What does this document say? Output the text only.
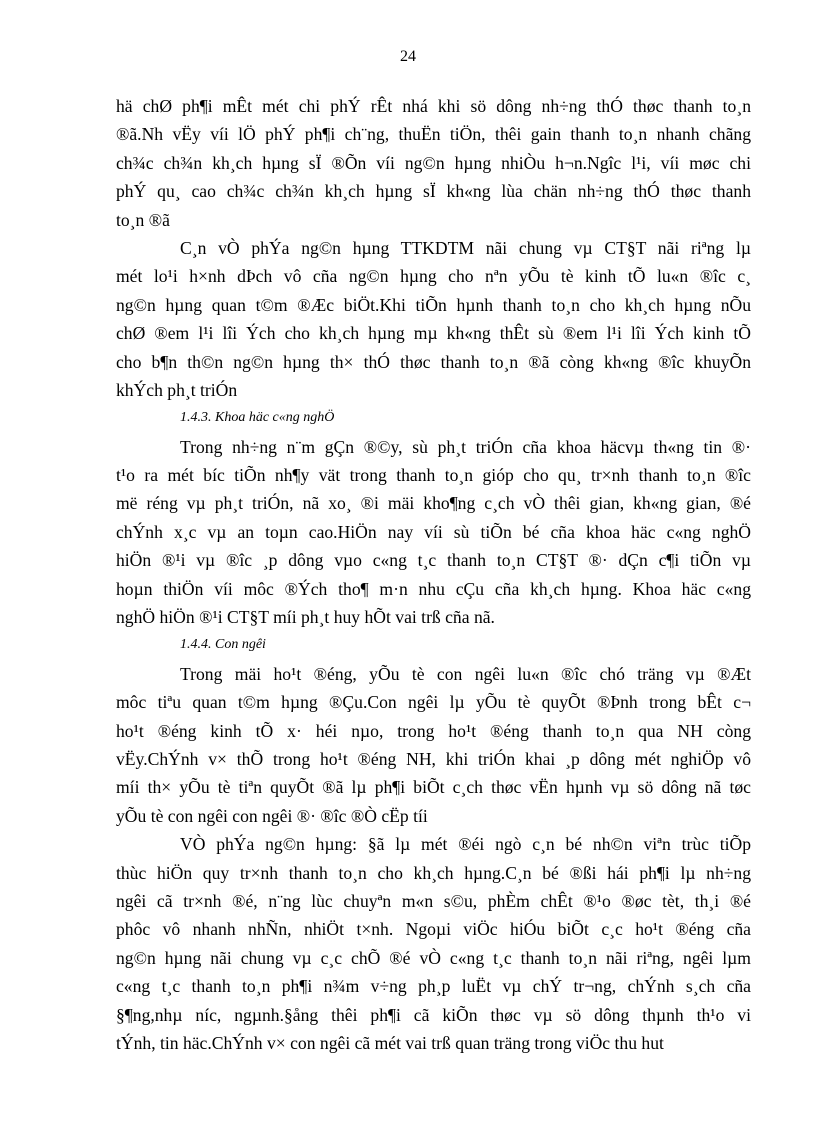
24
hä chØ ph¶i mÊt mét chi phÝ rÊt nhá khi sö dông nh÷ng thÓ thøc thanh to¸n
®ã.Nh vËy víi lÖ phÝ ph¶i ch¨ng, thuËn tiÖn, thêi gain thanh to¸n nhanh chãng
ch¾c ch¾n kh¸ch hµng sÏ ®Õn víi ng©n hµng nhiÒu h¬n.Ngîc l¹i, víi møc chi
phÝ qu¸ cao ch¾c ch¾n kh¸ch hµng sÏ kh«ng lùa chän nh÷ng thÓ thøc thanh
to¸n ®ã
C¸n vÒ phÝa ng©n hµng TTKDTM nãi chung vµ CT§T nãi riªng lµ
mét lo¹i h×nh dÞch vô cña ng©n hµng cho nªn yÕu tè kinh tÕ lu«n ®îc c¸
ng©n hµng quan t©m ®Æc biÖt.Khi tiÕn hµnh thanh to¸n cho kh¸ch hµng nÕu
chØ ®em l¹i lîi Ých cho kh¸ch hµng mµ kh«ng thÊt sù ®em l¹i lîi Ých kinh tÕ
cho b¶n th©n ng©n hµng th× thÓ thøc thanh to¸n ®ã còng kh«ng ®îc khuyÕn
khÝch ph¸t triÓn
1.4.3. Khoa häc c«ng nghÖ
Trong nh÷ng n¨m gÇn ®©y, sù ph¸t triÓn cña khoa häcvµ th«ng tin ®·
t¹o ra mét bíc tiÕn nh¶y vät trong thanh to¸n gióp cho qu¸ tr×nh thanh to¸n ®îc
më réng vµ ph¸t triÓn, nã xo¸ ®i mäi kho¶ng c¸ch vÒ thêi gian, kh«ng gian, ®é
chÝnh x¸c vµ an toµn cao.HiÖn nay víi sù tiÕn bé cña khoa häc c«ng nghÖ
hiÖn ®¹i vµ ®îc ¸p dông vµo c«ng t¸c thanh to¸n CT§T ®· dÇn c¶i tiÕn vµ
hoµn thiÖn víi môc ®Ých tho¶ m·n nhu cÇu cña kh¸ch hµng. Khoa häc c«ng
nghÖ hiÖn ®¹i CT§T míi ph¸t huy hÕt vai trß cña nã.
1.4.4. Con ngêi
Trong mäi ho¹t ®éng, yÕu tè con ngêi lu«n ®îc chó träng vµ ®Æt
môc tiªu quan t©m hµng ®Çu.Con ngêi lµ yÕu tè quyÕt ®Þnh trong bÊt c¬
ho¹t ®éng kinh tÕ x· héi nµo, trong ho¹t ®éng thanh to¸n qua NH còng
vËy.ChÝnh v× thÕ trong ho¹t ®éng NH, khi triÓn khai ¸p dông mét nghiÖp vô
míi th× yÕu tè tiªn quyÕt ®ã lµ ph¶i biÕt c¸ch thøc vËn hµnh vµ sö dông nã tøc
yÕu tè con ngêi con ngêi ®· ®îc ®Ò cËp tíi
VÒ phÝa ng©n hµng: §ã lµ mét ®éi ngò c¸n bé nh©n viªn trùc tiÕp
thùc hiÖn quy tr×nh thanh to¸n cho kh¸ch hµng.C¸n bé ®ßi hái ph¶i lµ nh÷ng
ngêi cã tr×nh ®é, n¨ng lùc chuyªn m«n s©u, phÈm chÊt ®¹o ®øc tèt, th¸i ®é
phôc vô nhanh nhÑn, nhiÖt t×nh. Ngoµi viÖc hiÓu biÕt c¸c ho¹t ®éng cña
ng©n hµng nãi chung vµ c¸c chÕ ®é vÒ c«ng t¸c thanh to¸n nãi riªng, ngêi lµm
c«ng t¸c thanh to¸n ph¶i n¾m v÷ng ph¸p luËt vµ chÝ tr¬ng, chÝnh s¸ch cña
§¶ng,nhµ níc, ngµnh.§ång thêi ph¶i cã kiÕn thøc vµ sö dông thµnh th¹o vi
tÝnh, tin häc.ChÝnh v× con ngêi cã mét vai trß quan träng trong viÖc thu hut
